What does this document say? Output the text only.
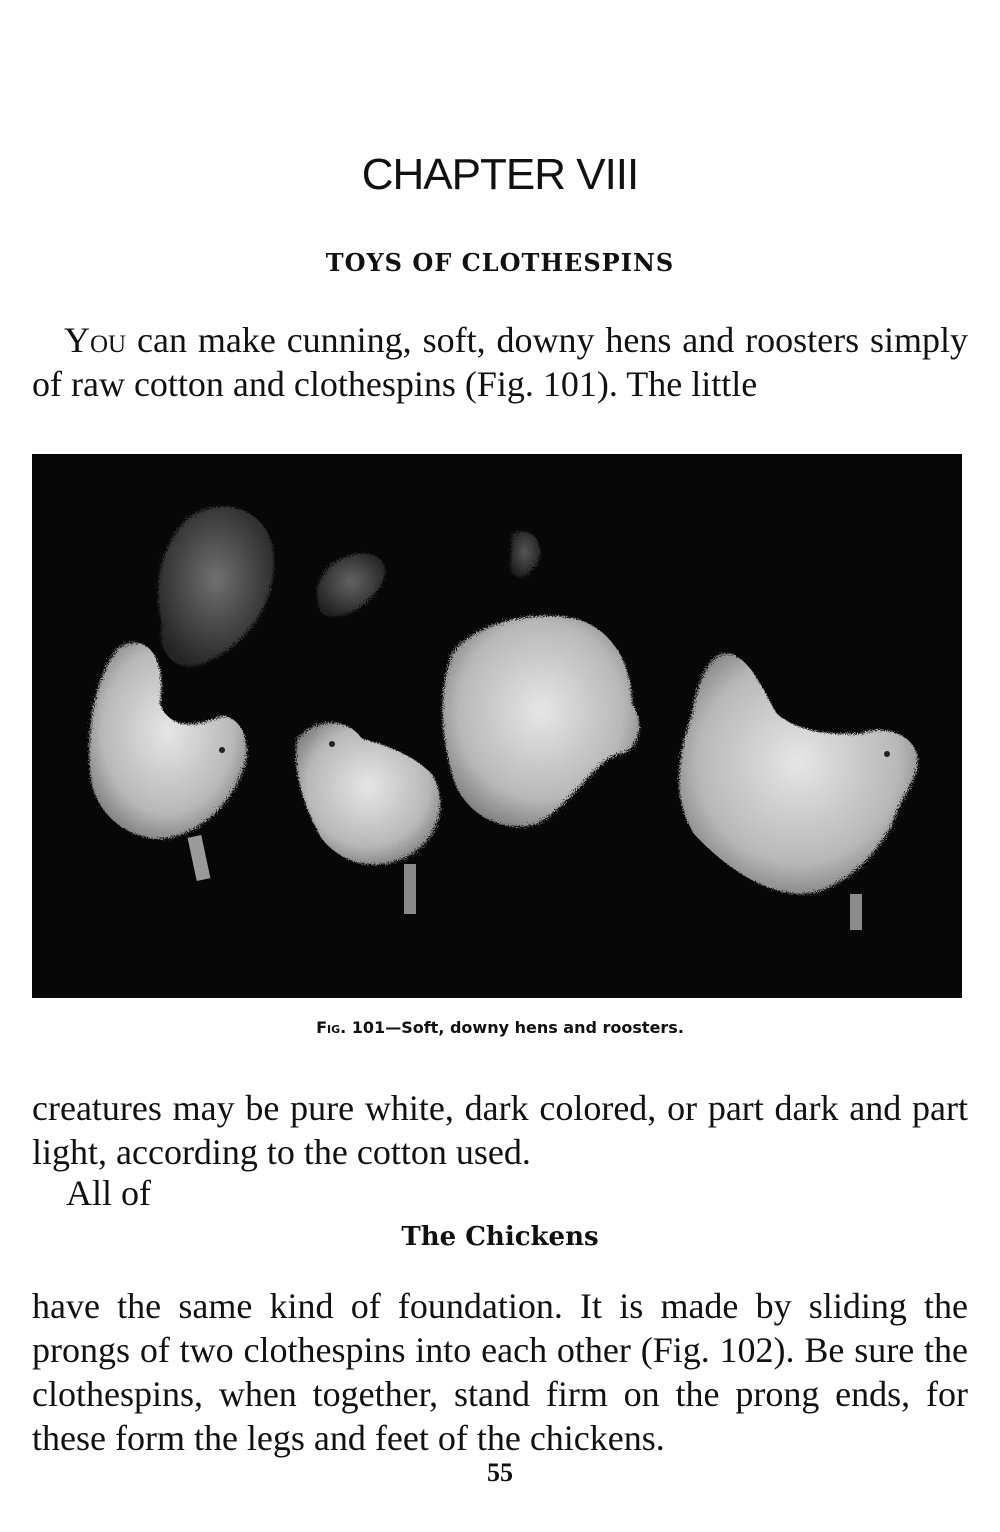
CHAPTER VIII
TOYS OF CLOTHESPINS

You can make cunning, soft, downy hens and roosters simply of raw cotton and clothespins (Fig. 101). The little

Fig. 101—Soft, downy hens and roosters.

creatures may be pure white, dark colored, or part dark and part light, according to the cotton used.

All of
The Chickens

have the same kind of foundation. It is made by sliding the prongs of two clothespins into each other (Fig. 102). Be sure the clothespins, when together, stand firm on the prong ends, for these form the legs and feet of the chickens.

55
